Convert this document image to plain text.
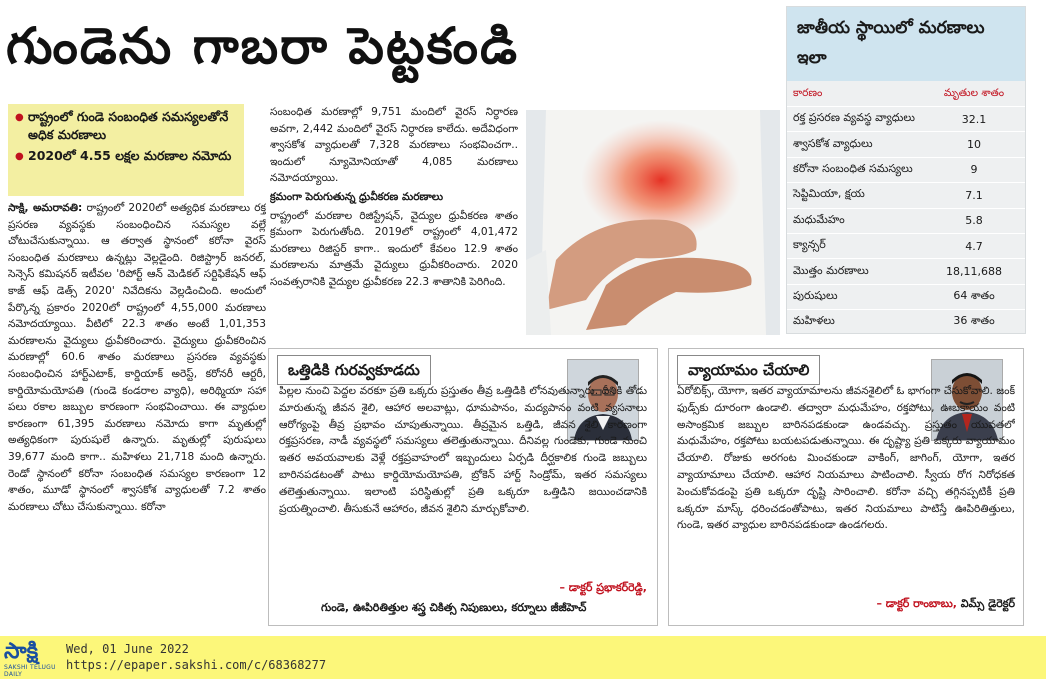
గుండెను గాబరా పెట్టకండి
● రాష్ట్రంలో గుండె సంబంధిత సమస్యలతోనే అధిక మరణాలు
● 2020లో 4.55 లక్షల మరణాల నమోదు

సాక్షి, అమరావతి: రాష్ట్రంలో 2020లో అత్యధిక మరణాలు రక్త ప్రసరణ వ్యవస్థకు సంబంధించిన సమస్యల వల్లే చోటుచేసుకున్నాయి. ఆ తర్వాత స్థానంలో కరోనా వైరస్ సంబంధిత మరణాలు ఉన్నట్లు వెల్లడైంది. రిజిస్ట్రార్ జనరల్, సెన్సెస్ కమిషనర్ ఇటీవల 'రిపోర్ట్ ఆన్ మెడికల్ సర్టిఫికేషన్ ఆఫ్ కాజ్ ఆఫ్ డెత్స్ 2020' నివేదికను వెల్లడించింది. అందులో పేర్కొన్న ప్రకారం 2020లో రాష్ట్రంలో 4,55,000 మరణాలు నమోదయ్యాయి. వీటిలో 22.3 శాతం అంటే 1,01,353 మరణాలను వైద్యులు ధ్రువీకరించారు. వైద్యులు ధ్రువీకరించిన మరణాల్లో 60.6 శాతం మరణాలు ప్రసరణ వ్యవస్థకు సంబంధించిన హార్ట్‌ఎటాక్, కార్డియాక్ అరెస్ట్, కరోనరీ ఆర్టరీ, కార్డియోమయోపతి (గుండె కండరాల వ్యాధి), అరిథ్మియా సహా పలు రకాల జబ్బుల కారణంగా సంభవించాయి. ఈ వ్యాధుల కారణంగా 61,395 మరణాలు నమోదు కాగా మృతుల్లో అత్యధికంగా పురుషులే ఉన్నారు. మృతుల్లో పురుషులు 39,677 మంది కాగా.. మహిళలు 21,718 మంది ఉన్నారు. రెండో స్థానంలో కరోనా సంబంధిత సమస్యల కారణంగా 12 శాతం, మూడో స్థానంలో శ్వాసకోశ వ్యాధులతో 7.2 శాతం మరణాలు చోటు చేసుకున్నాయి. కరోనా

సంబంధిత మరణాల్లో 9,751 మందిలో వైరస్ నిర్ధారణ అవగా, 2,442 మందిలో వైరస్ నిర్ధారణ కాలేదు. అదేవిధంగా శ్వాసకోశ వ్యాధులతో 7,328 మరణాలు సంభవించగా.. ఇందులో న్యూమోనియాతో 4,085 మరణాలు నమోదయ్యాయి.

క్రమంగా పెరుగుతున్న ధ్రువీకరణ మరణాలు

రాష్ట్రంలో మరణాల రిజిస్ట్రేషన్, వైద్యుల ధ్రువీకరణ శాతం క్రమంగా పెరుగుతోంది. 2019లో రాష్ట్రంలో 4,01,472 మరణాలు రిజిస్టర్ కాగా.. ఇందులో కేవలం 12.9 శాతం మరణాలను మాత్రమే వైద్యులు ధ్రువీకరించారు. 2020 సంవత్సరానికి వైద్యుల ధ్రువీకరణ 22.3 శాతానికి పెరిగింది.

జాతీయ స్థాయిలో మరణాలు ఇలా
కారణం	మృతుల శాతం
రక్త ప్రసరణ వ్యవస్థ వ్యాధులు	32.1
శ్వాసకోశ వ్యాధులు	10
కరోనా సంబంధిత సమస్యలు	9
సెప్టిమియా, క్షయ	7.1
మధుమేహం	5.8
క్యాన్సర్	4.7
మొత్తం మరణాలు	18,11,688
పురుషులు	64 శాతం
మహిళలు	36 శాతం
ఒత్తిడికి గురవ్వకూడదు
పిల్లల నుంచి పెద్దల వరకూ ప్రతి ఒక్కరు ప్రస్తుతం తీవ్ర ఒత్తిడికి లోనవుతున్నారు. దీనికి తోడు మారుతున్న జీవన శైలి, ఆహార అలవాట్లు, ధూమపానం, మద్యపానం వంటి వ్యసనాలు ఆరోగ్యంపై తీవ్ర ప్రభావం చూపుతున్నాయి. తీవ్రమైన ఒత్తిడి, జీవన శైలి కారణంగా రక్తప్రసరణ, నాడీ వ్యవస్థలో సమస్యలు తలెత్తుతున్నాయి. దీనివల్ల గుండెకు, గుండె నుంచి ఇతర అవయవాలకు వెళ్లే రక్తప్రవాహంలో ఇబ్బందులు ఏర్పడి దీర్ఘకాలిక గుండె జబ్బులు బారినపడటంతో పాటు కార్డియోమయోపతి, బ్రోకెన్ హార్ట్ సిండ్రోమ్, ఇతర సమస్యలు తలెత్తుతున్నాయి. ఇలాంటి పరిస్థితుల్లో ప్రతి ఒక్కరూ ఒత్తిడిని జయించడానికి ప్రయత్నించాలి. తీసుకునే ఆహారం, జీవన శైలిని మార్చుకోవాలి.
– డాక్టర్ ప్రభాకర్‌రెడ్డి,
గుండె, ఊపిరితిత్తుల శస్త్ర చికిత్స నిపుణులు, కర్నూలు జీజీహెచ్
వ్యాయామం చేయాలి
ఏరోబిక్స్, యోగా, ఇతర వ్యాయామాలను జీవనశైలిలో ఓ భాగంగా చేసుకోవాలి. జంక్ ఫుడ్స్‌కు దూరంగా ఉండాలి. తద్వారా మధుమేహం, రక్తపోటు, ఊబకాయం వంటి అసాంక్రమిక జబ్బుల బారినపడకుండా ఉండవచ్చు. ప్రస్తుతం యువతలో మధుమేహం, రక్తపోటు బయటపడుతున్నాయి. ఈ దృష్ట్యా ప్రతి ఒక్కరు వ్యాయామం చేయాలి. రోజుకు అరగంట మించకుండా వాకింగ్, జాగింగ్, యోగా, ఇతర వ్యాయామాలు చేయాలి. ఆహార నియమాలు పాటించాలి. స్వీయ రోగ నిరోధకత పెంచుకోవడంపై ప్రతి ఒక్కరూ దృష్టి సారించాలి. కరోనా వచ్చి తగ్గినప్పటికీ ప్రతి ఒక్కరూ మాస్క్ ధరించడంతోపాటు, ఇతర నియమాలు పాటిస్తే ఊపిరితిత్తులు, గుండె, ఇతర వ్యాధుల బారినపడకుండా ఉండగలరు.
– డాక్టర్ రాంబాబు, విమ్స్ డైరెక్టర్
సాక్షి
SAKSHI TELUGU DAILY
Wed, 01 June 2022
https://epaper.sakshi.com/c/68368277
